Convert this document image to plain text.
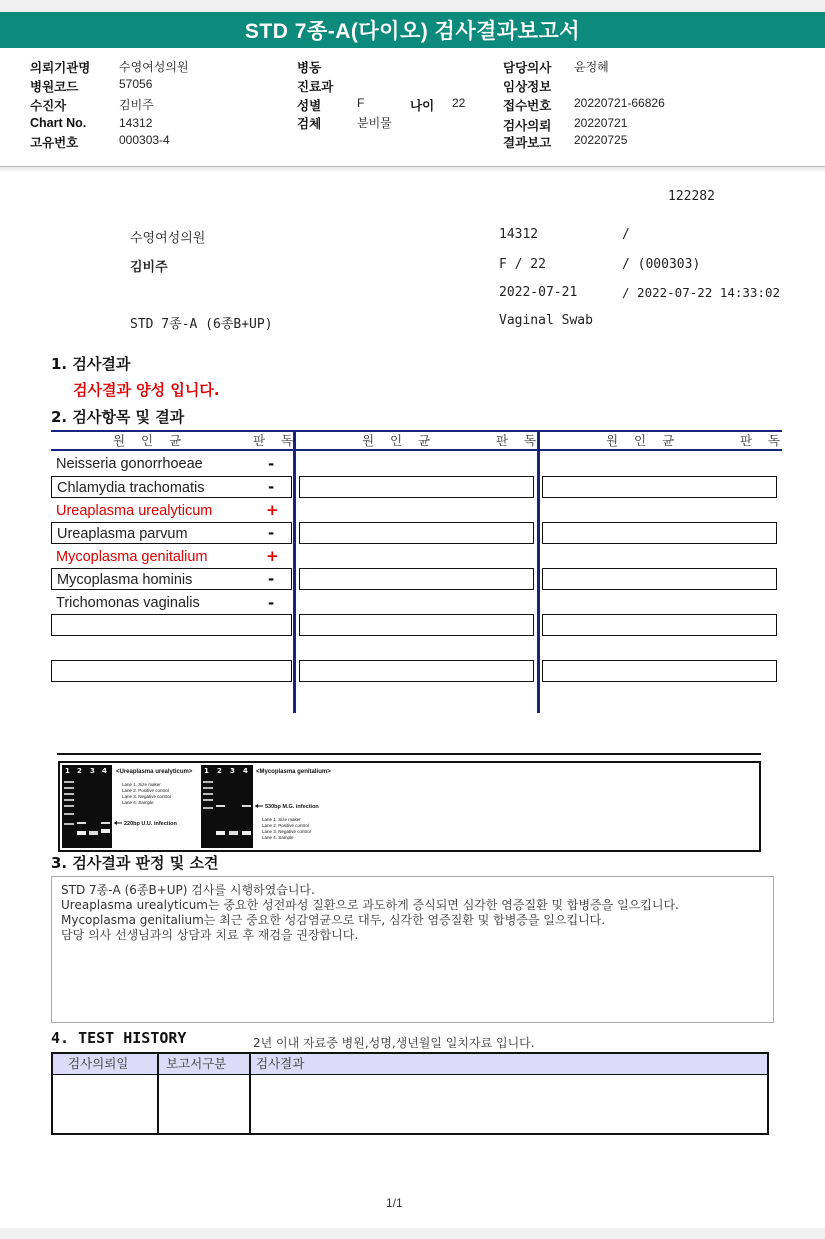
STD 7종-A(다이오) 검사결과보고서
의뢰기관명 수영여성의원
병원코드	57056
수진자	김비주
Chart No.	14312
고유번호	000303-4
병동
진료과
성별	F	나이 22
검체	분비물
담당의사 윤정혜
임상정보
접수번호 20220721-66826
검사의뢰 20220721
결과보고 20220725
122282
수영여성의원	14312	/
김비주	F / 22	/ (000303)
2022-07-21	/ 2022-07-22 14:33:02
STD 7종-A (6종B+UP)	Vaginal Swab
1. 검사결과
검사결과 양성 입니다.
2. 검사항목 및 결과
원 인 균	판 독	원 인 균	판 독	원 인 균	판 독
Neisseria gonorrhoeae	-
Chlamydia trachomatis	-
Ureaplasma urealyticum	+
Ureaplasma parvum	-
Mycoplasma genitalium	+
Mycoplasma hominis	-
Trichomonas vaginalis	-
1 2 3 4 <Ureaplasma urealyticum>
Lane 1. Size maker
Lane 2. Positive control
Lane 3. Negative control
Lane 4. Sample
220bp U.U. infection
1 2 3 4 <Mycoplasma genitalium>
530bp M.G. infection
Lane 1. Size maker
Lane 2. Positive control
Lane 3. Negative control
Lane 4. Sample
3. 검사결과 판정 및 소견
STD 7종-A (6종B+UP) 검사를 시행하였습니다.
Ureaplasma urealyticum는 중요한 성전파성 질환으로 과도하게 증식되면 심각한 염증질환 및 합병증을 일으킵니다.
Mycoplasma genitalium는 최근 중요한 성감염균으로 대두, 심각한 염증질환 및 합병증을 일으킵니다.
담당 의사 선생님과의 상담과 치료 후 재검을 권장합니다.
4. TEST HISTORY	2년 이내 자료중 병원,성명,생년월일 일치자료 입니다.
검사의뢰일	보고서구분	검사결과
1/1
